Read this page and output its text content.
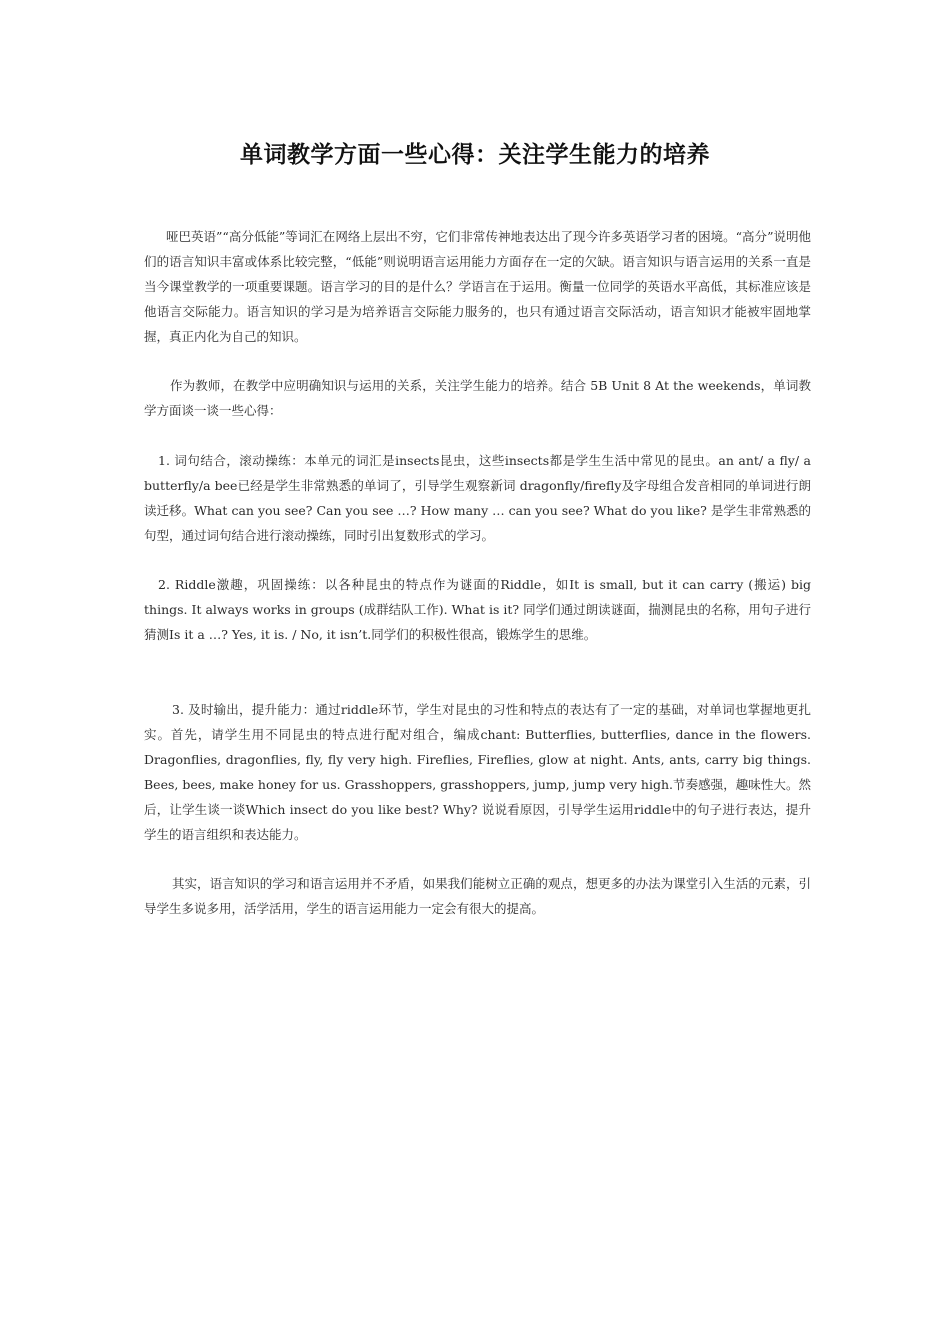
单词教学方面一些心得：关注学生能力的培养

哑巴英语”“高分低能”等词汇在网络上层出不穷，它们非常传神地表达出了现今许多英语学习者的困境。“高分”说明他们的语言知识丰富或体系比较完整，“低能”则说明语言运用能力方面存在一定的欠缺。语言知识与语言运用的关系一直是当今课堂教学的一项重要课题。语言学习的目的是什么？学语言在于运用。衡量一位同学的英语水平高低，其标准应该是他语言交际能力。语言知识的学习是为培养语言交际能力服务的，也只有通过语言交际活动，语言知识才能被牢固地掌握，真正内化为自己的知识。

作为教师，在教学中应明确知识与运用的关系，关注学生能力的培养。结合 5B Unit 8 At the weekends，单词教学方面谈一谈一些心得：

1. 词句结合，滚动操练：本单元的词汇是insects昆虫，这些insects都是学生生活中常见的昆虫。an ant/ a fly/ a butterfly/a bee已经是学生非常熟悉的单词了，引导学生观察新词 dragonfly/firefly及字母组合发音相同的单词进行朗读迁移。What can you see? Can you see …? How many … can you see? What do you like? 是学生非常熟悉的句型，通过词句结合进行滚动操练，同时引出复数形式的学习。

2. Riddle激趣，巩固操练：以各种昆虫的特点作为谜面的Riddle，如It is small, but it can carry (搬运) big things. It always works in groups (成群结队工作). What is it? 同学们通过朗读谜面，揣测昆虫的名称，用句子进行猜测Is it a …? Yes, it is. / No, it isn’t.同学们的积极性很高，锻炼学生的思维。

3. 及时输出，提升能力：通过riddle环节，学生对昆虫的习性和特点的表达有了一定的基础，对单词也掌握地更扎实。首先，请学生用不同昆虫的特点进行配对组合，编成chant: Butterflies, butterflies, dance in the flowers. Dragonflies, dragonflies, fly, fly very high. Fireflies, Fireflies, glow at night. Ants, ants, carry big things. Bees, bees, make honey for us. Grasshoppers, grasshoppers, jump, jump very high.节奏感强，趣味性大。然后，让学生谈一谈Which insect do you like best? Why? 说说看原因，引导学生运用riddle中的句子进行表达，提升学生的语言组织和表达能力。

其实，语言知识的学习和语言运用并不矛盾，如果我们能树立正确的观点，想更多的办法为课堂引入生活的元素，引导学生多说多用，活学活用，学生的语言运用能力一定会有很大的提高。
